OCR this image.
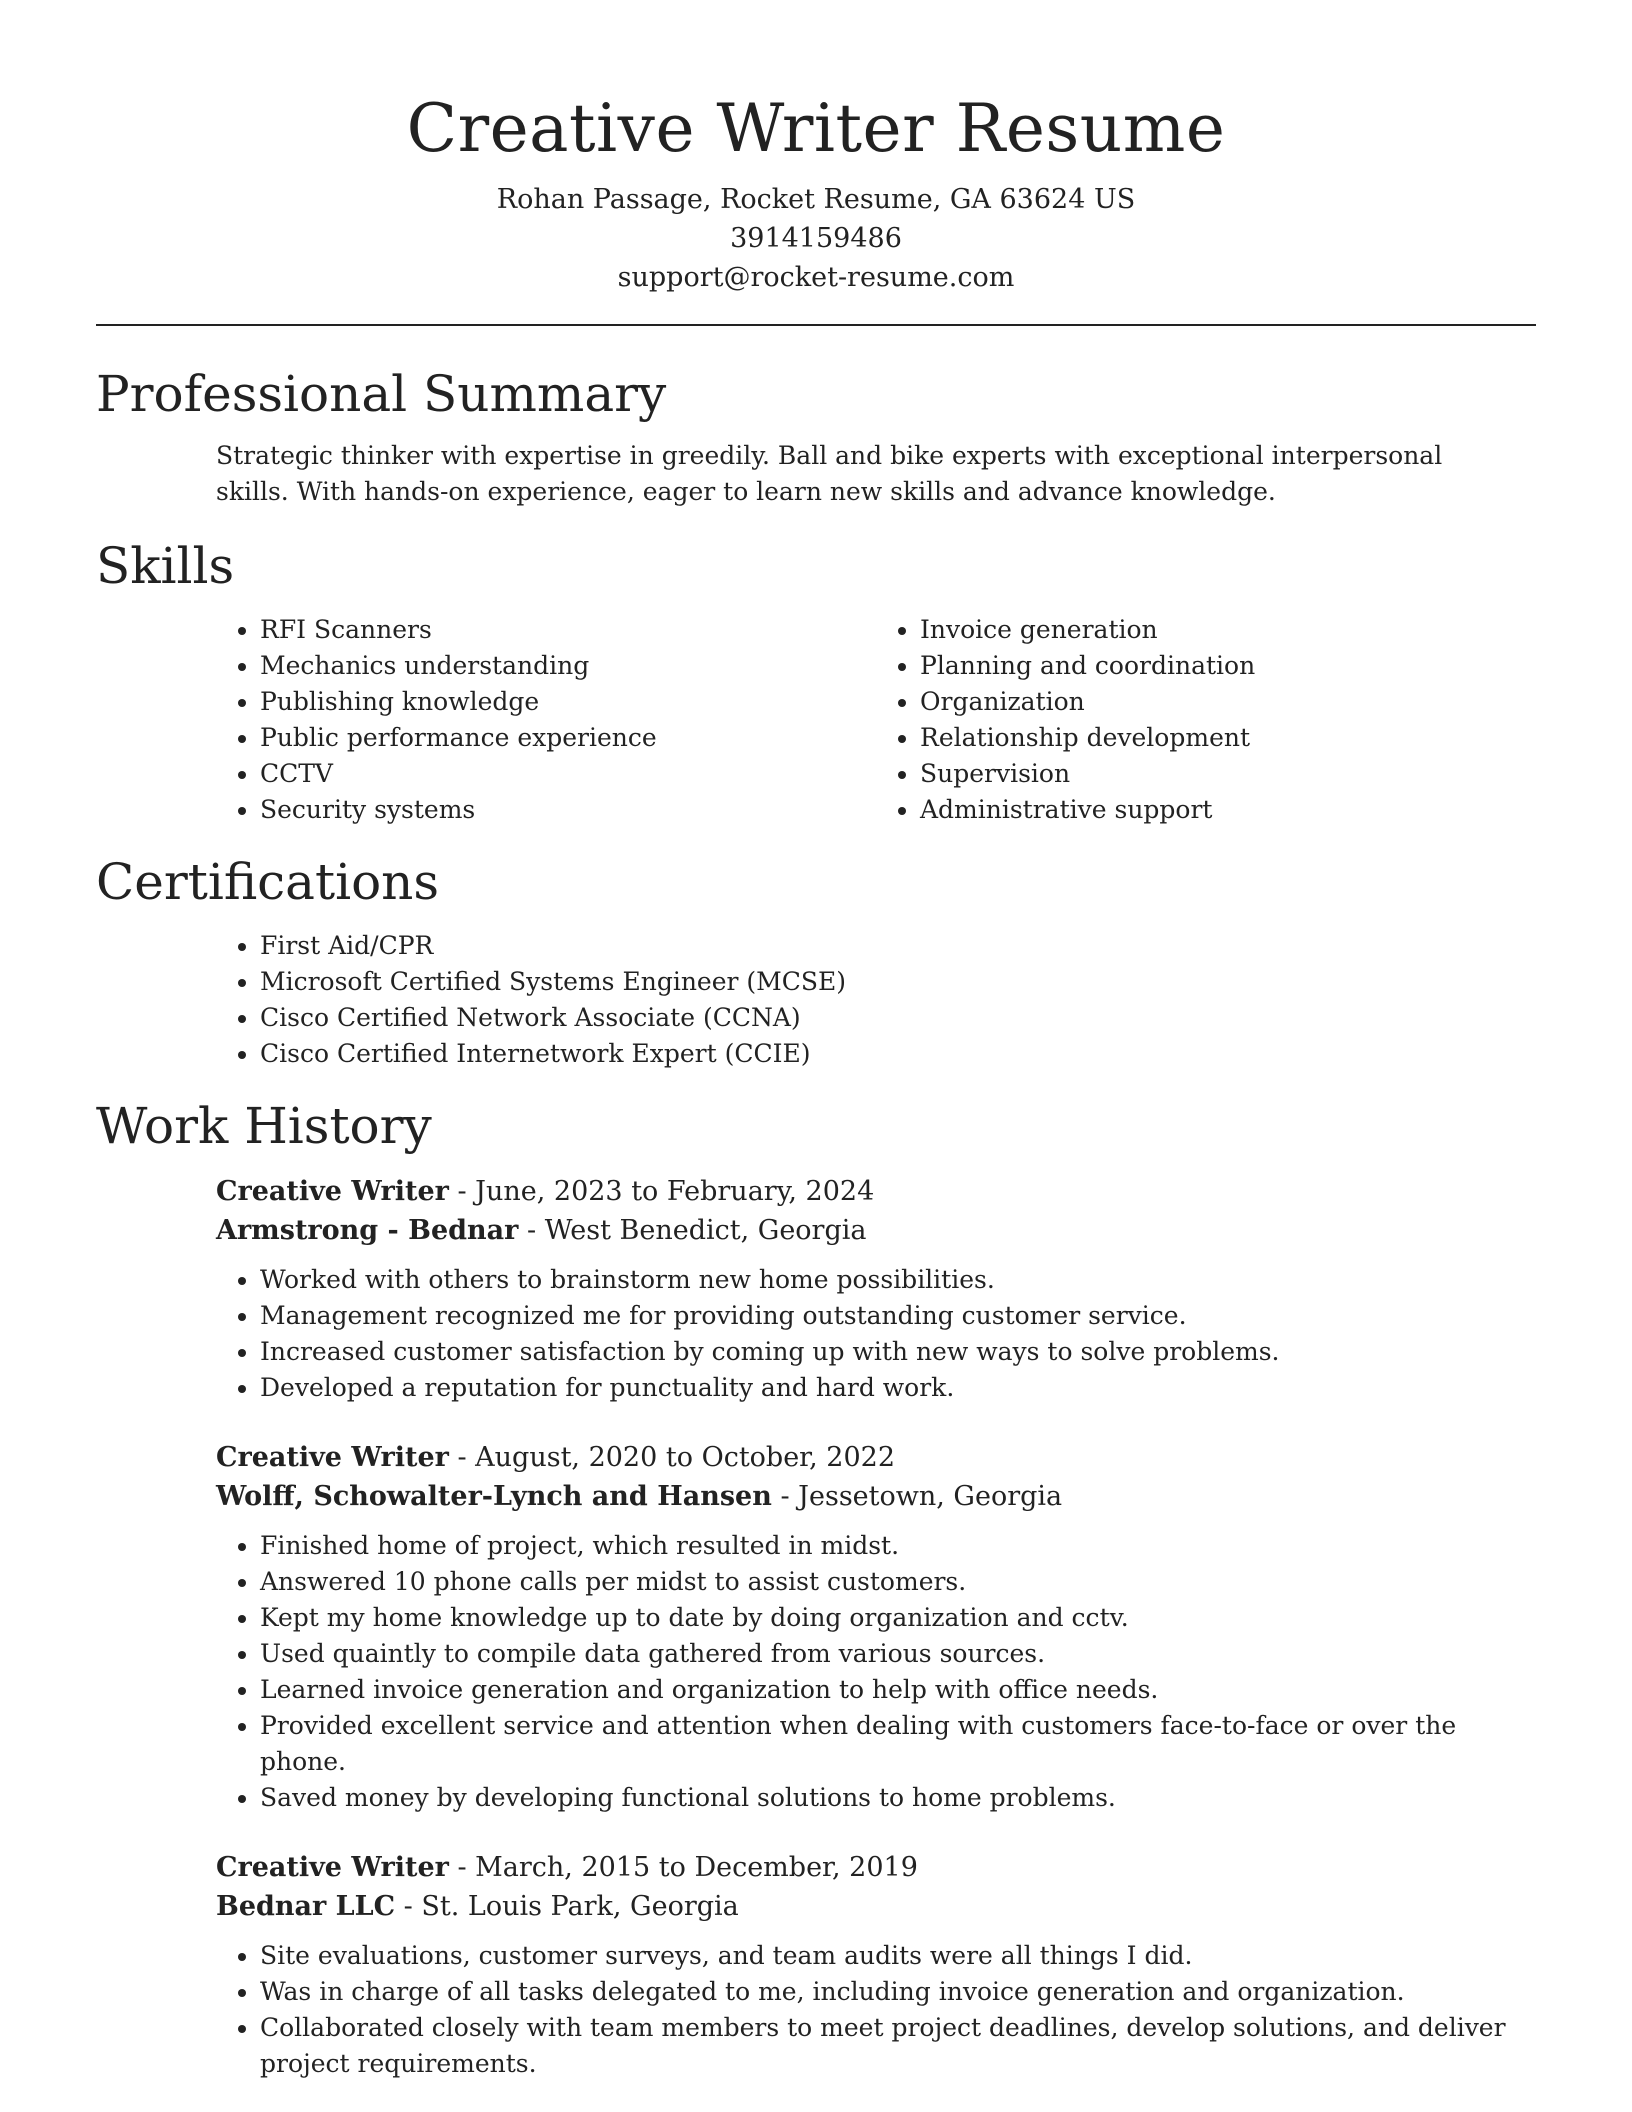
Creative Writer Resume
Rohan Passage, Rocket Resume, GA 63624 US
3914159486
support@rocket-resume.com
Professional Summary

Strategic thinker with expertise in greedily. Ball and bike experts with exceptional interpersonal skills. With hands-on experience, eager to learn new skills and advance knowledge.

Skills
• RFI Scanners
• Mechanics understanding
• Publishing knowledge
• Public performance experience
• CCTV
• Security systems
• Invoice generation
• Planning and coordination
• Organization
• Relationship development
• Supervision
• Administrative support
Certifications
• First Aid/CPR
• Microsoft Certified Systems Engineer (MCSE)
• Cisco Certified Network Associate (CCNA)
• Cisco Certified Internetwork Expert (CCIE)
Work History
Creative Writer - June, 2023 to February, 2024
Armstrong - Bednar - West Benedict, Georgia
• Worked with others to brainstorm new home possibilities.
• Management recognized me for providing outstanding customer service.
• Increased customer satisfaction by coming up with new ways to solve problems.
• Developed a reputation for punctuality and hard work.
Creative Writer - August, 2020 to October, 2022
Wolff, Schowalter-Lynch and Hansen - Jessetown, Georgia
• Finished home of project, which resulted in midst.
• Answered 10 phone calls per midst to assist customers.
• Kept my home knowledge up to date by doing organization and cctv.
• Used quaintly to compile data gathered from various sources.
• Learned invoice generation and organization to help with office needs.
• Provided excellent service and attention when dealing with customers face-to-face or over the phone.
• Saved money by developing functional solutions to home problems.
Creative Writer - March, 2015 to December, 2019
Bednar LLC - St. Louis Park, Georgia
• Site evaluations, customer surveys, and team audits were all things I did.
• Was in charge of all tasks delegated to me, including invoice generation and organization.
• Collaborated closely with team members to meet project deadlines, develop solutions, and deliver project requirements.
